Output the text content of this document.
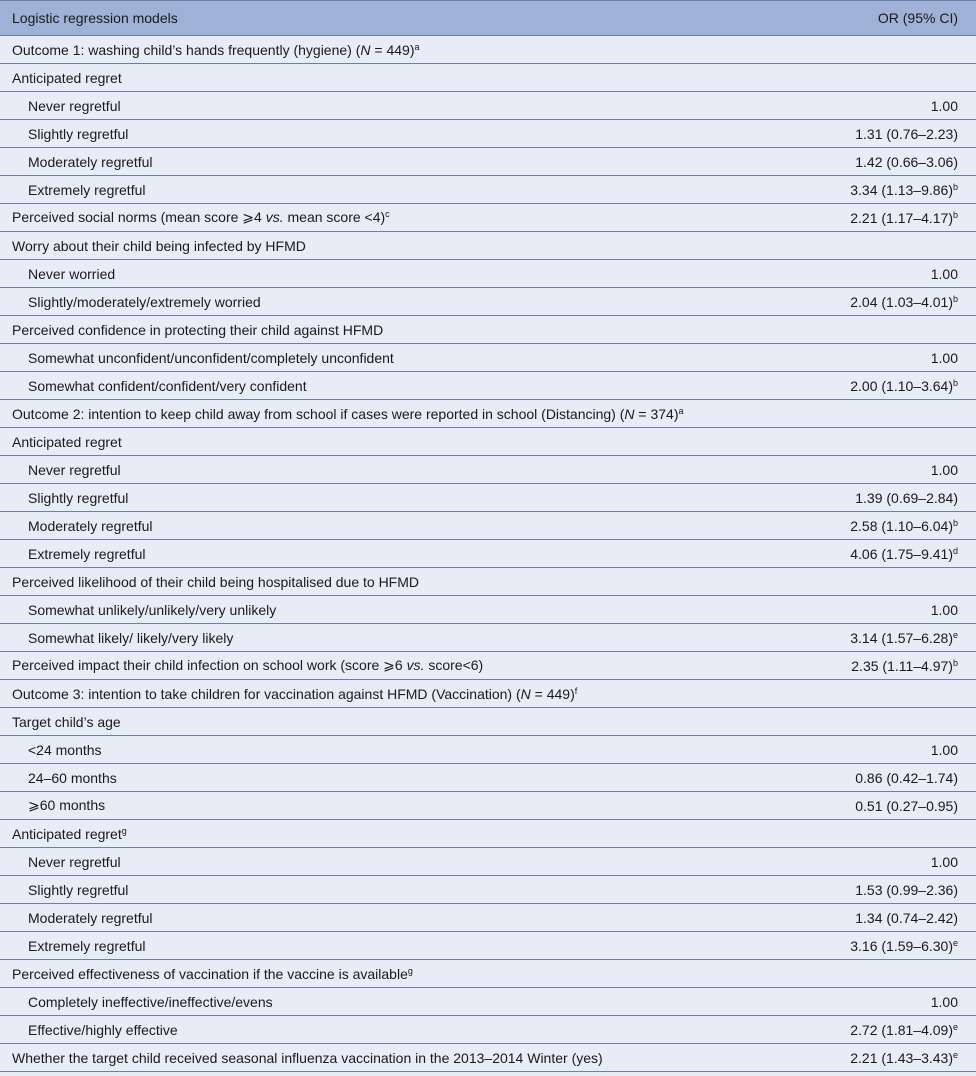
Logistic regression models	OR (95% CI)
Outcome 1: washing child’s hands frequently (hygiene) (N = 449)$^a$	
Anticipated regret	
Never regretful	1.00
Slightly regretful	1.31 (0.76–2.23)
Moderately regretful	1.42 (0.66–3.06)
Extremely regretful	3.34 $(1.13-9.86)^b$
Perceived social norms (mean score ⩾4 vs. mean score <4)$^c$	2.21 $(1.17-4.17)^b$
Worry about their child being infected by HFMD	
Never worried	1.00
Slightly/moderately/extremely worried	2.04 $(1.03-4.01)^b$
Perceived confidence in protecting their child against HFMD	
Somewhat unconfident/unconfident/completely unconfident	1.00
Somewhat confident/confident/very confident	2.00 $(1.10-3.64)^b$
Outcome 2: intention to keep child away from school if cases were reported in school (Distancing) (N = 374)$^a$	
Anticipated regret	
Never regretful	1.00
Slightly regretful	1.39 (0.69–2.84)
Moderately regretful	2.58 $(1.10-6.04)^b$
Extremely regretful	4.06 $(1.75-9.41)^d$
Perceived likelihood of their child being hospitalised due to HFMD	
Somewhat unlikely/unlikely/very unlikely	1.00
Somewhat likely/ likely/very likely	3.14 $(1.57-6.28)^e$
Perceived impact their child infection on school work (score ⩾6 vs. score<6)	2.35 $(1.11-4.97)^b$
Outcome 3: intention to take children for vaccination against HFMD (Vaccination) (N = 449)$^f$	
Target child’s age	
<24 months	1.00
24–60 months	0.86 (0.42–1.74)
⩾60 months	0.51 (0.27–0.95)
Anticipated regret$^g$	
Never regretful	1.00
Slightly regretful	1.53 (0.99–2.36)
Moderately regretful	1.34 (0.74–2.42)
Extremely regretful	3.16 $(1.59-6.30)^e$
Perceived effectiveness of vaccination if the vaccine is available$^g$	
Completely ineffective/ineffective/evens	1.00
Effective/highly effective	2.72 $(1.81-4.09)^e$
Whether the target child received seasonal influenza vaccination in the 2013–2014 Winter (yes)	2.21 $(1.43-3.43)^e$
